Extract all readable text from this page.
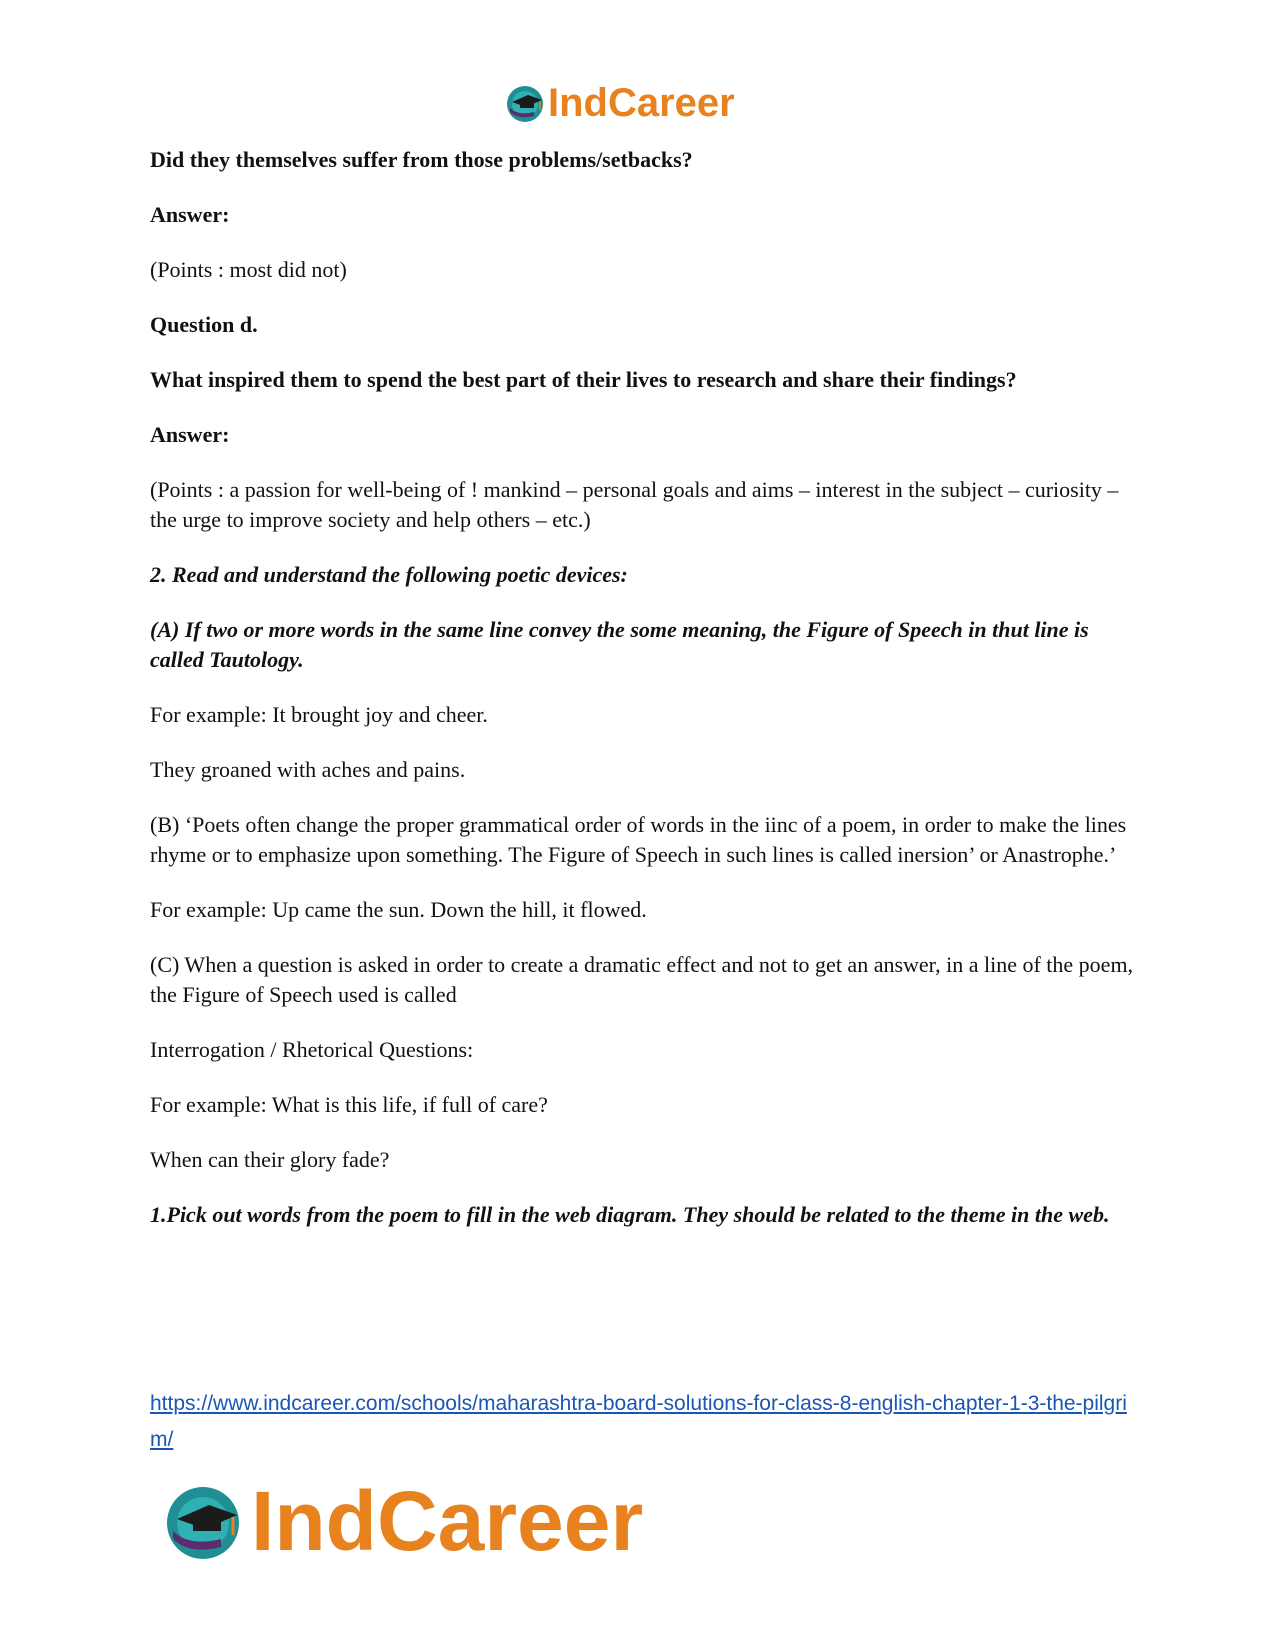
IndCareer

Did they themselves suffer from those problems/setbacks?

Answer:

(Points : most did not)

Question d.

What inspired them to spend the best part of their lives to research and share their findings?

Answer:

(Points : a passion for well-being of ! mankind – personal goals and aims – interest in the subject – curiosity – the urge to improve society and help others – etc.)

2. Read and understand the following poetic devices:

(A) If two or more words in the same line convey the some meaning, the Figure of Speech in thut line is called Tautology.

For example: It brought joy and cheer.

They groaned with aches and pains.

(B) ‘Poets often change the proper grammatical order of words in the iinc of a poem, in order to make the lines rhyme or to emphasize upon something. The Figure of Speech in such lines is called inersion’ or Anastrophe.’

For example: Up came the sun. Down the hill, it flowed.

(C) When a question is asked in order to create a dramatic effect and not to get an answer, in a line of the poem, the Figure of Speech used is called

Interrogation / Rhetorical Questions:

For example: What is this life, if full of care?

When can their glory fade?

1.Pick out words from the poem to fill in the web diagram. They should be related to the theme in the web.

https://www.indcareer.com/schools/maharashtra-board-solutions-for-class-8-english-chapter-1-3-the-pilgrim/
IndCareer
